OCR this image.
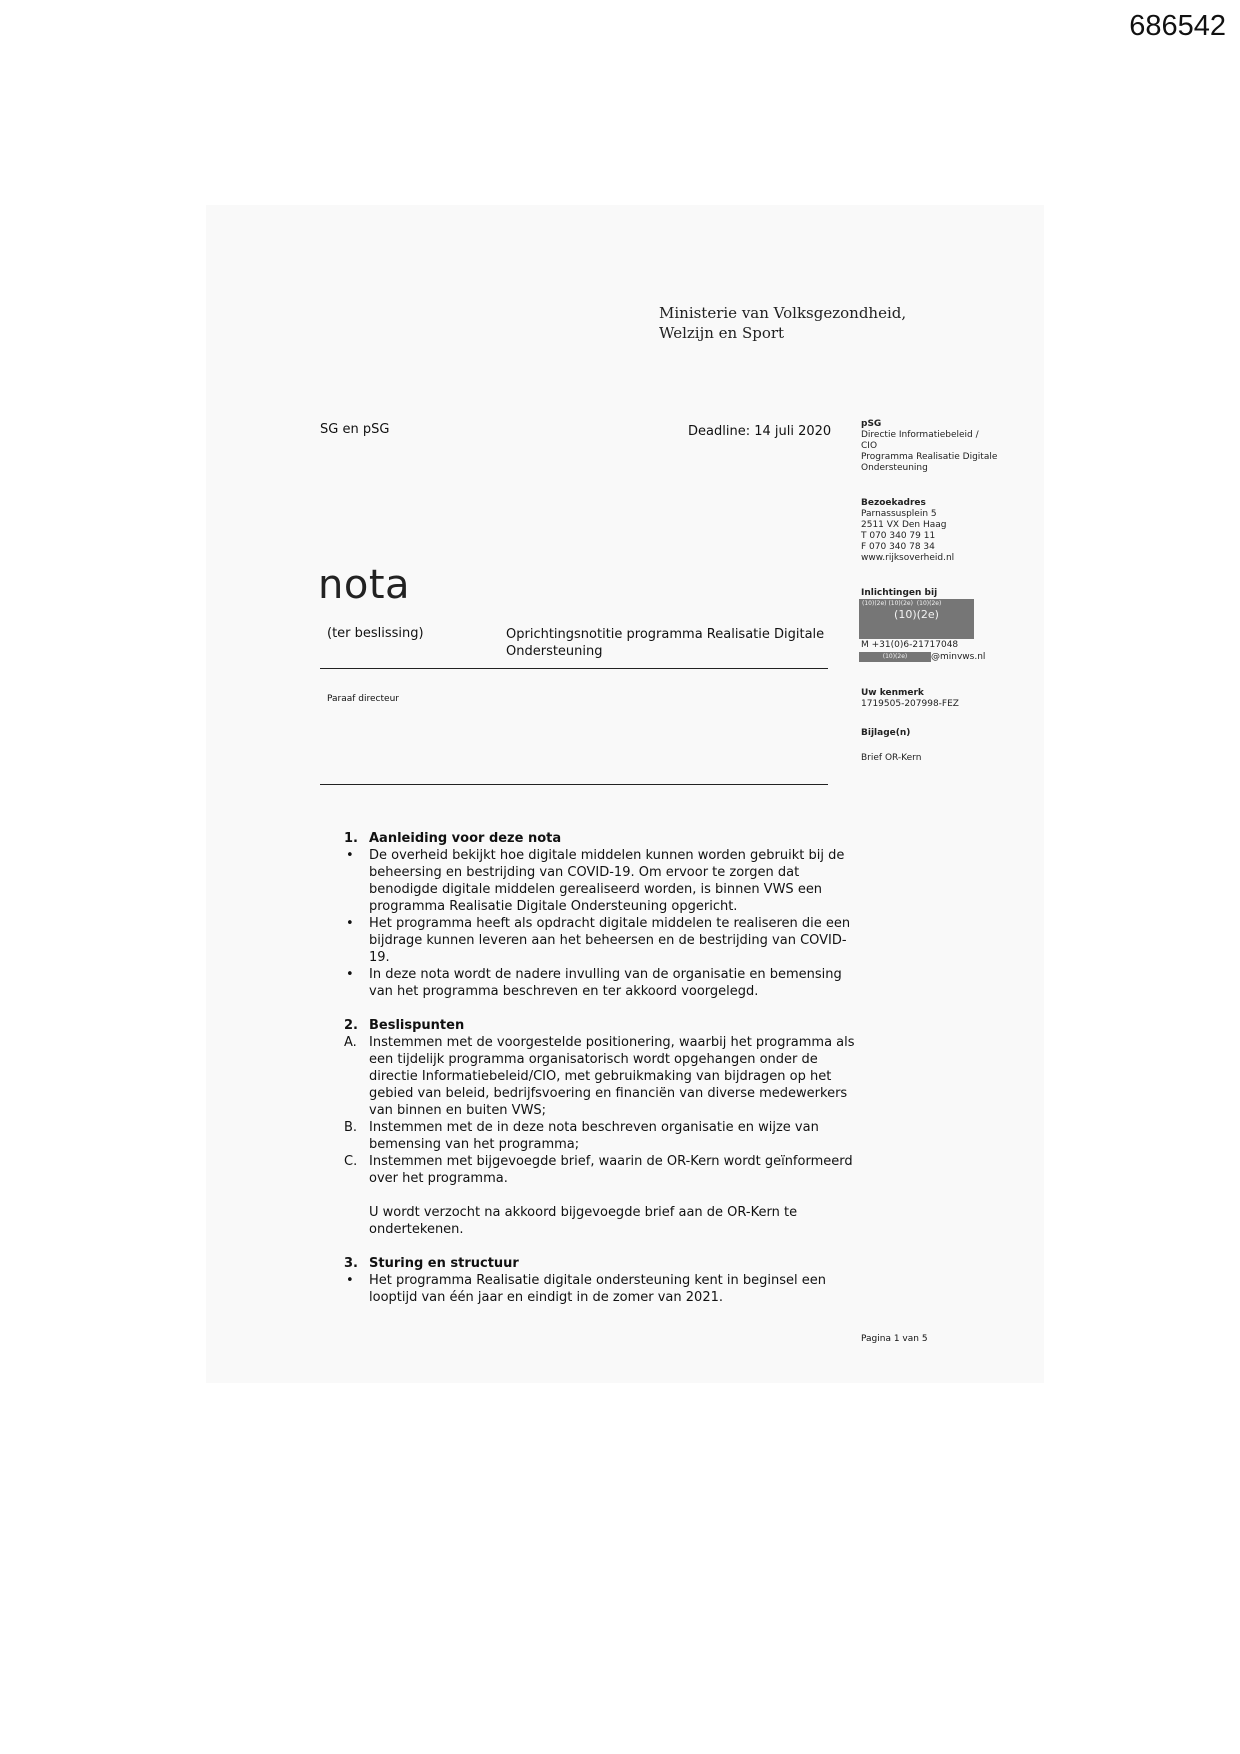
686542
Ministerie van Volksgezondheid,
Welzijn en Sport
SG en pSG	Deadline: 14 juli 2020
nota
(ter beslissing)	Oprichtingsnotitie programma Realisatie Digitale
Ondersteuning
Paraaf directeur
pSG
Directie Informatiebeleid /
CIO
Programma Realisatie Digitale
Ondersteuning
Bezoekadres
Parnassusplein 5
2511 VX Den Haag
T 070 340 79 11
F 070 340 78 34
www.rijksoverheid.nl
Inlichtingen bij
(10)(2e) (10)(2e) (10)(2e)
(10)(2e)
M +31(0)6-21717048
(10)(2e)	@minvws.nl
Uw kenmerk
1719505-207998-FEZ
Bijlage(n)
Brief OR-Kern
1. Aanleiding voor deze nota
• De overheid bekijkt hoe digitale middelen kunnen worden gebruikt bij de
beheersing en bestrijding van COVID-19. Om ervoor te zorgen dat
benodigde digitale middelen gerealiseerd worden, is binnen VWS een
programma Realisatie Digitale Ondersteuning opgericht.
• Het programma heeft als opdracht digitale middelen te realiseren die een
bijdrage kunnen leveren aan het beheersen en de bestrijding van COVID-
19.
• In deze nota wordt de nadere invulling van de organisatie en bemensing
van het programma beschreven en ter akkoord voorgelegd.
2. Beslispunten
A. Instemmen met de voorgestelde positionering, waarbij het programma als
een tijdelijk programma organisatorisch wordt opgehangen onder de
directie Informatiebeleid/CIO, met gebruikmaking van bijdragen op het
gebied van beleid, bedrijfsvoering en financiën van diverse medewerkers
van binnen en buiten VWS;
B. Instemmen met de in deze nota beschreven organisatie en wijze van
bemensing van het programma;
C. Instemmen met bijgevoegde brief, waarin de OR-Kern wordt geïnformeerd
over het programma.
U wordt verzocht na akkoord bijgevoegde brief aan de OR-Kern te
ondertekenen.
3. Sturing en structuur
• Het programma Realisatie digitale ondersteuning kent in beginsel een
looptijd van één jaar en eindigt in de zomer van 2021.
Pagina 1 van 5
